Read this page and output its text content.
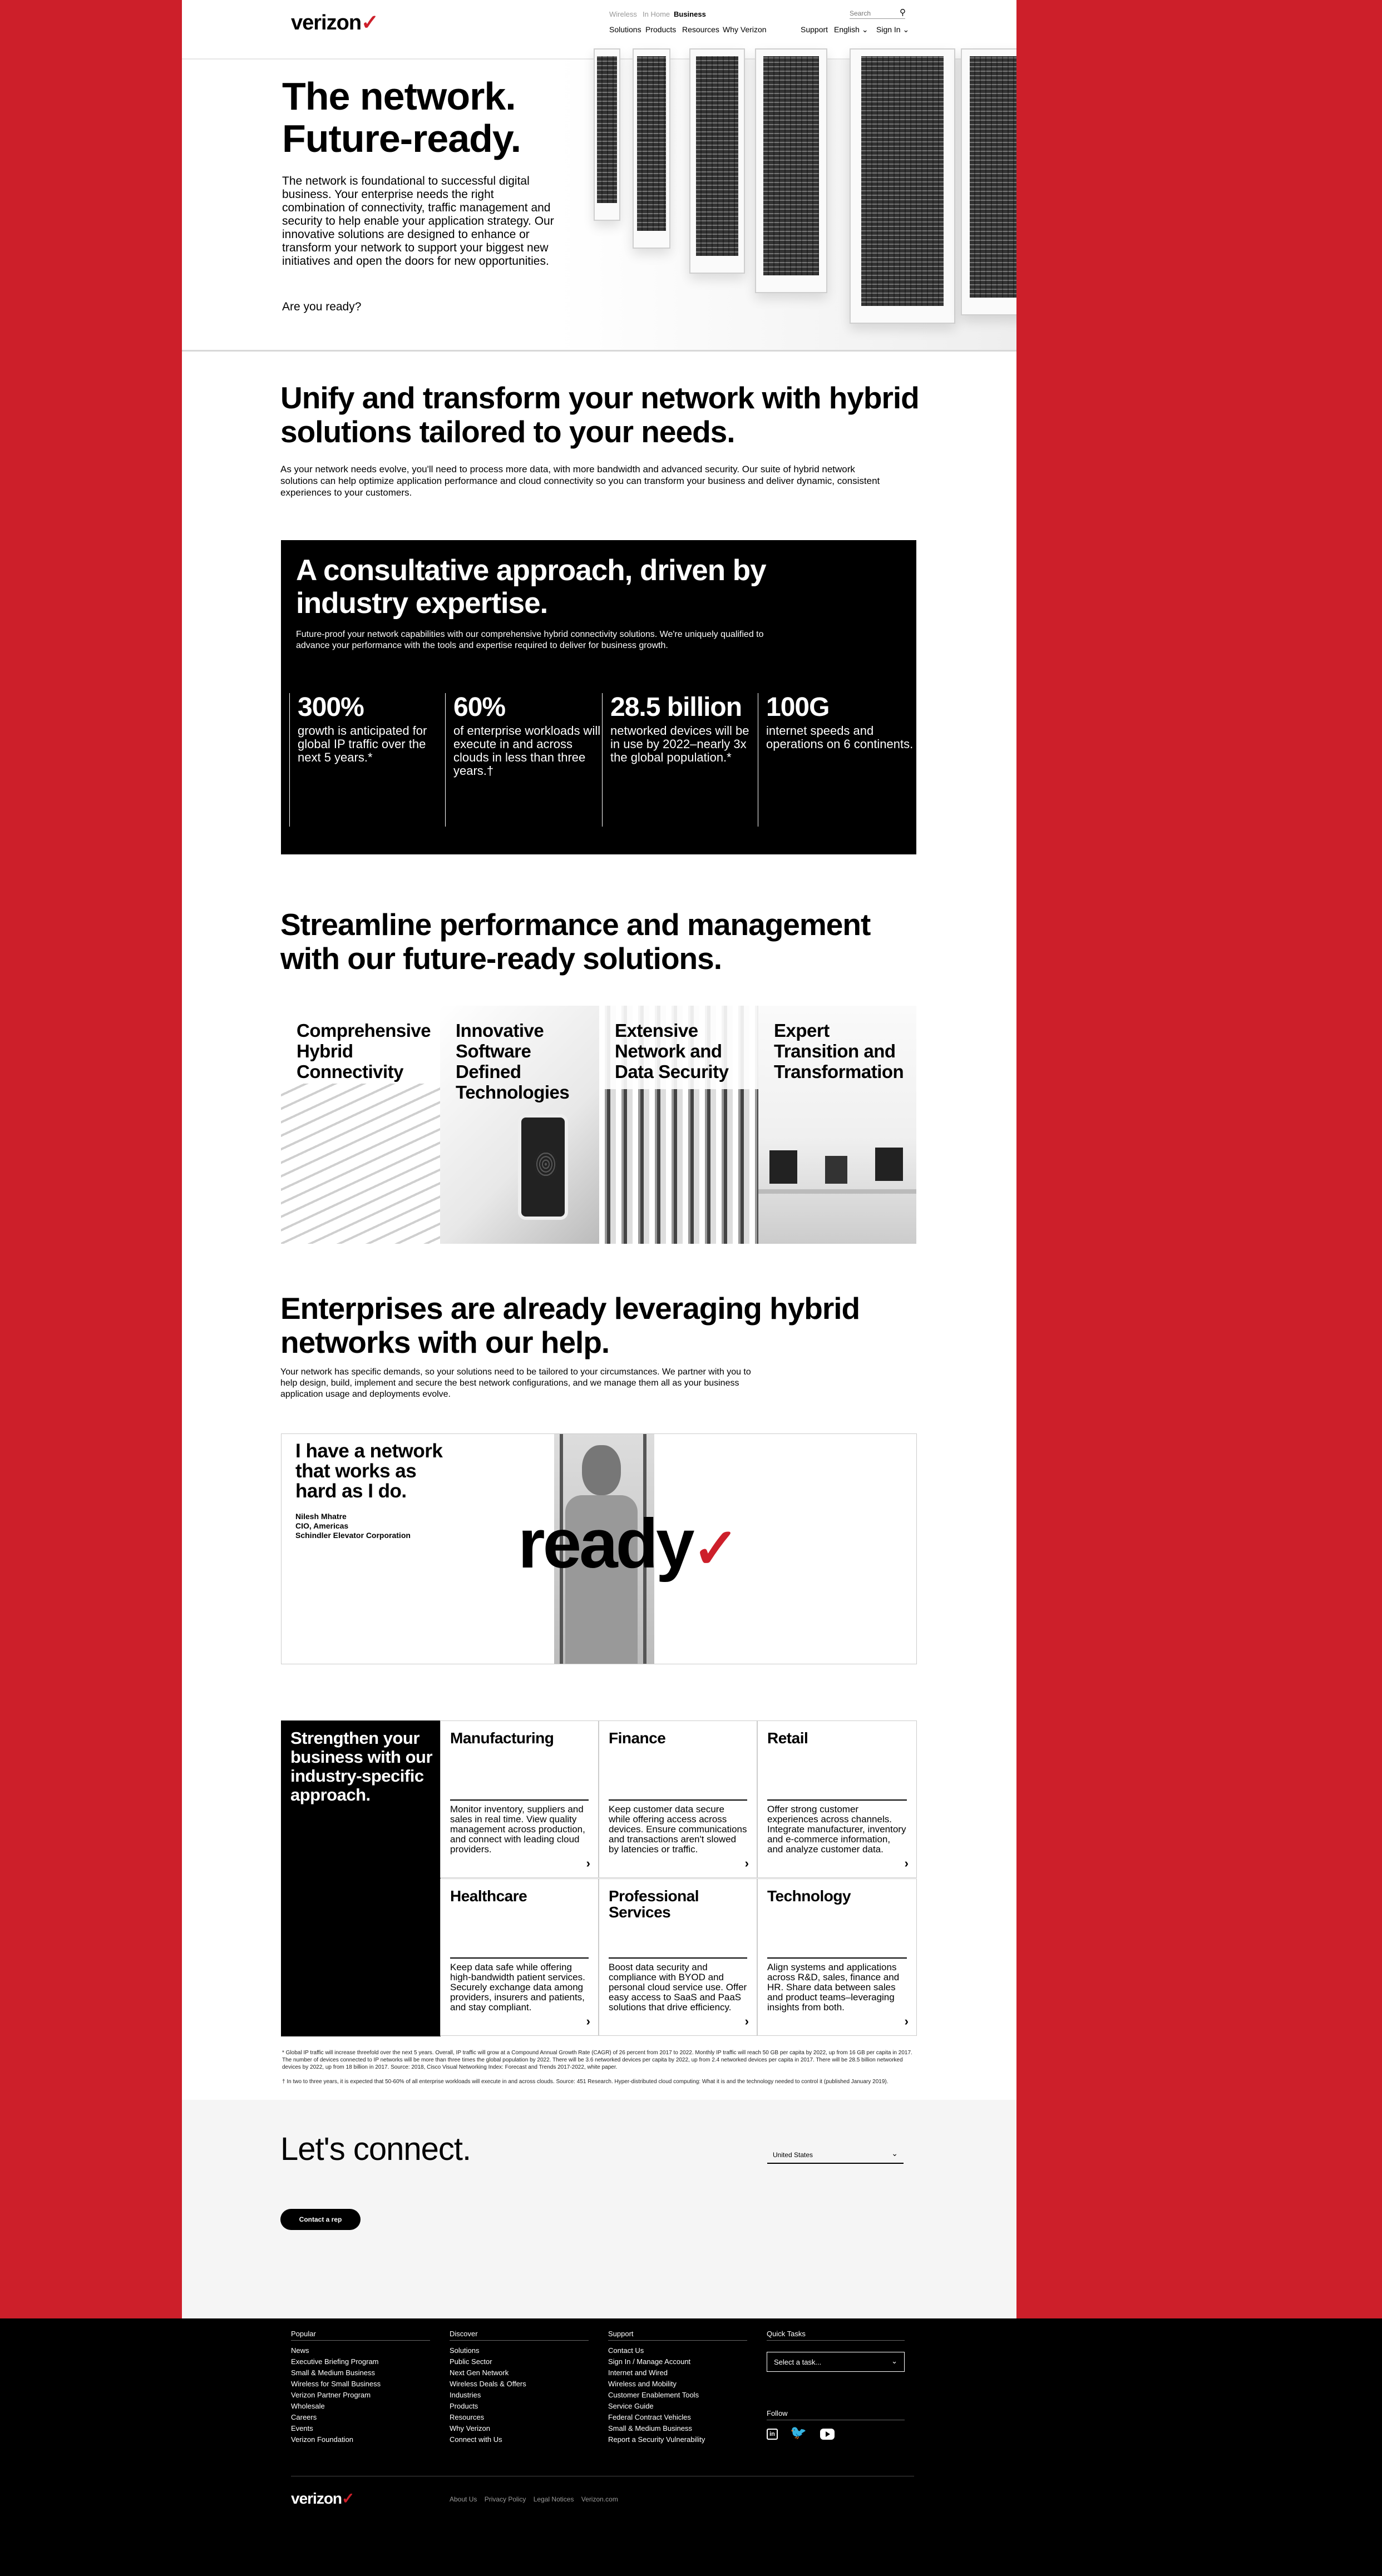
verizon✓	Wireless In Home Business
Search	⚲
Solutions Products Resources Why Verizon	Support English ⌄ Sign In ⌄
The network.
Future-ready.
The network is foundational to successful digital business. Your enterprise needs the right combination of connectivity, traffic management and security to help enable your application strategy. Our innovative solutions are designed to enhance or transform your network to support your biggest new initiatives and open the doors for new opportunities.
Are you ready?
Unify and transform your network with hybrid solutions tailored to your needs.
As your network needs evolve, you'll need to process more data, with more bandwidth and advanced security. Our suite of hybrid network solutions can help optimize application performance and cloud connectivity so you can transform your business and deliver dynamic, consistent experiences to your customers.
A consultative approach, driven by industry expertise.
Future-proof your network capabilities with our comprehensive hybrid connectivity solutions. We're uniquely qualified to advance your performance with the tools and expertise required to deliver for business growth.
300%
growth is anticipated for global IP traffic over the next 5 years.*
60%
of enterprise workloads will execute in and across clouds in less than three years.†
28.5 billion
networked devices will be in use by 2022–nearly 3x the global population.*
100G
internet speeds and operations on 6 continents.
Streamline performance and management with our future-ready solutions.
Comprehensive Hybrid Connectivity
Innovative Software Defined Technologies
Extensive Network and Data Security
Expert Transition and Transformation
Enterprises are already leveraging hybrid networks with our help.
Your network has specific demands, so your solutions need to be tailored to your circumstances. We partner with you to help design, build, implement and secure the best network configurations, and we manage them all as your business application usage and deployments evolve.
I have a network that works as hard as I do.
Nilesh Mhatre
CIO, Americas
Schindler Elevator Corporation ready✓
Strengthen your business with our industry-specific approach.
Manufacturing
Monitor inventory, suppliers and sales in real time. View quality management across production, and connect with leading cloud providers.
›
Finance
Keep customer data secure while offering access across devices. Ensure communications and transactions aren't slowed by latencies or traffic.
›
Retail
Offer strong customer experiences across channels. Integrate manufacturer, inventory and e-commerce information, and analyze customer data.
›
Healthcare
Keep data safe while offering high-bandwidth patient services. Securely exchange data among providers, insurers and patients, and stay compliant.
›
Professional Services
Boost data security and compliance with BYOD and personal cloud service use. Offer easy access to SaaS and PaaS solutions that drive efficiency.
›
Technology
Align systems and applications across R&D, sales, finance and HR. Share data between sales and product teams–leveraging insights from both.
›
* Global IP traffic will increase threefold over the next 5 years. Overall, IP traffic will grow at a Compound Annual Growth Rate (CAGR) of 26 percent from 2017 to 2022. Monthly IP traffic will reach 50 GB per capita by 2022, up from 16 GB per capita in 2017. The number of devices connected to IP networks will be more than three times the global population by 2022. There will be 3.6 networked devices per capita by 2022, up from 2.4 networked devices per capita in 2017. There will be 28.5 billion networked devices by 2022, up from 18 billion in 2017. Source: 2018, Cisco Visual Networking Index: Forecast and Trends 2017-2022, white paper.
† In two to three years, it is expected that 50-60% of all enterprise workloads will execute in and across clouds. Source: 451 Research. Hyper-distributed cloud computing: What it is and the technology needed to control it (published January 2019).
Let's connect.	United States	⌄
Contact a rep
Popular
News
Executive Briefing Program
Small & Medium Business
Wireless for Small Business
Verizon Partner Program
Wholesale
Careers
Events
Verizon Foundation
Discover
Solutions
Public Sector
Next Gen Network
Wireless Deals & Offers
Industries
Products
Resources
Why Verizon
Connect with Us
Support
Contact Us
Sign In / Manage Account
Internet and Wired
Wireless and Mobility
Customer Enablement Tools
Service Guide
Federal Contract Vehicles
Small & Medium Business
Report a Security Vulnerability
Quick Tasks
Select a task...	⌄
Follow
in 🐦
verizon✓	About Us Privacy Policy Legal Notices Verizon.com
